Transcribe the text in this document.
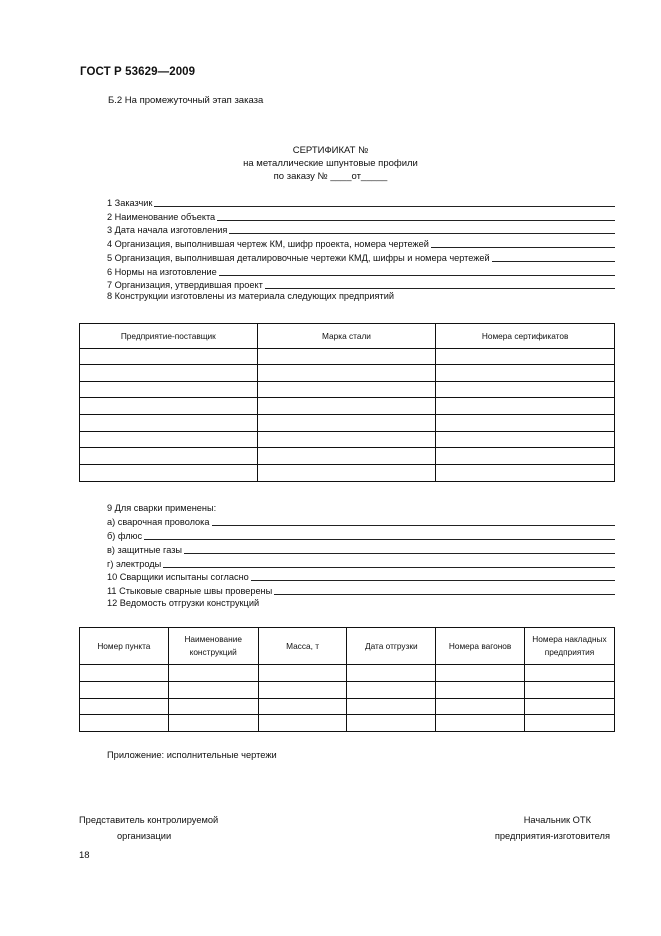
ГОСТ Р 53629—2009
Б.2 На промежуточный этап заказа
СЕРТИФИКАТ №
на металлические шпунтовые профили
по заказу № ____от_____
1 Заказчик
2 Наименование объекта
3 Дата начала изготовления
4 Организация, выполнившая чертеж КМ, шифр проекта, номера чертежей
5 Организация, выполнившая деталировочные чертежи КМД, шифры и номера чертежей
6 Нормы на изготовление
7 Организация, утвердившая проект
8 Конструкции изготовлены из материала следующих предприятий
Предприятие-поставщик	Марка стали	Номера сертификатов

9 Для сварки применены:
а) сварочная проволока
б) флюс
в) защитные газы
г) электроды
10 Сварщики испытаны согласно
11 Стыковые сварные швы проверены
12 Ведомость отгрузки конструкций
Номер пункта	Наименование конструкций	Масса, т	Дата отгрузки	Номера вагонов	Номера накладных предприятия

Приложение: исполнительные чертежи
Представитель контролируемой
организации
Начальник ОТК
предприятия-изготовителя
18
